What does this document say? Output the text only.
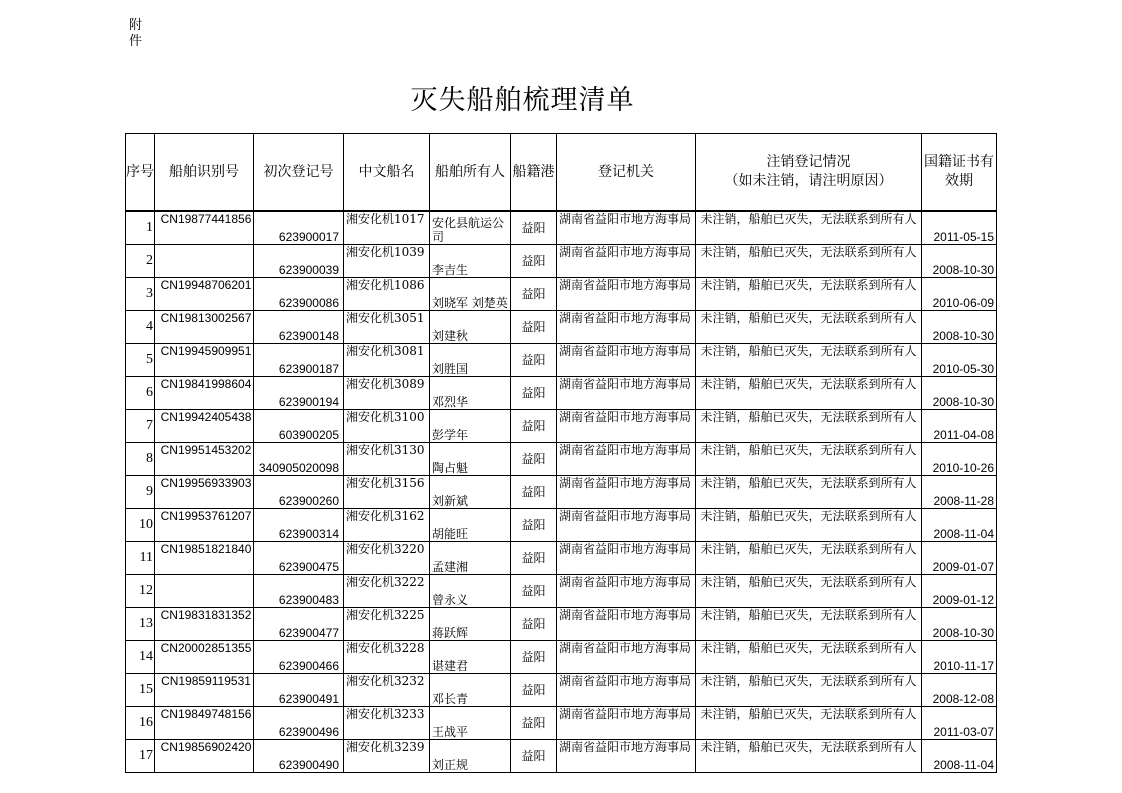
附件
灭失船舶梳理清单
序号	船舶识别号	初次登记号	中文船名	船舶所有人	船籍港	登记机关	注销登记情况
（如未注销，请注明原因）	国籍证书有效期

1	CN19877441856	623900017	湘安化机1017	安化县航运公司	益阳	湖南省益阳市地方海事局	未注销，船舶已灭失，无法联系到所有人	2011-05-15
2		623900039	湘安化机1039	李吉生	益阳	湖南省益阳市地方海事局	未注销，船舶已灭失，无法联系到所有人	2008-10-30
3	CN19948706201	623900086	湘安化机1086	刘晓军 刘楚英	益阳	湖南省益阳市地方海事局	未注销，船舶已灭失，无法联系到所有人	2010-06-09
4	CN19813002567	623900148	湘安化机3051	刘建秋	益阳	湖南省益阳市地方海事局	未注销，船舶已灭失，无法联系到所有人	2008-10-30
5	CN19945909951	623900187	湘安化机3081	刘胜国	益阳	湖南省益阳市地方海事局	未注销，船舶已灭失，无法联系到所有人	2010-05-30
6	CN19841998604	623900194	湘安化机3089	邓烈华	益阳	湖南省益阳市地方海事局	未注销，船舶已灭失，无法联系到所有人	2008-10-30
7	CN19942405438	603900205	湘安化机3100	彭学年	益阳	湖南省益阳市地方海事局	未注销，船舶已灭失，无法联系到所有人	2011-04-08
8	CN19951453202	340905020098	湘安化机3130	陶占魁	益阳	湖南省益阳市地方海事局	未注销，船舶已灭失，无法联系到所有人	2010-10-26
9	CN19956933903	623900260	湘安化机3156	刘新斌	益阳	湖南省益阳市地方海事局	未注销，船舶已灭失，无法联系到所有人	2008-11-28
10	CN19953761207	623900314	湘安化机3162	胡能旺	益阳	湖南省益阳市地方海事局	未注销，船舶已灭失，无法联系到所有人	2008-11-04
11	CN19851821840	623900475	湘安化机3220	孟建湘	益阳	湖南省益阳市地方海事局	未注销，船舶已灭失，无法联系到所有人	2009-01-07
12		623900483	湘安化机3222	曾永义	益阳	湖南省益阳市地方海事局	未注销，船舶已灭失，无法联系到所有人	2009-01-12
13	CN19831831352	623900477	湘安化机3225	蒋跃辉	益阳	湖南省益阳市地方海事局	未注销，船舶已灭失，无法联系到所有人	2008-10-30
14	CN20002851355	623900466	湘安化机3228	谌建君	益阳	湖南省益阳市地方海事局	未注销，船舶已灭失，无法联系到所有人	2010-11-17
15	CN19859119531	623900491	湘安化机3232	邓长青	益阳	湖南省益阳市地方海事局	未注销，船舶已灭失，无法联系到所有人	2008-12-08
16	CN19849748156	623900496	湘安化机3233	王战平	益阳	湖南省益阳市地方海事局	未注销，船舶已灭失，无法联系到所有人	2011-03-07
17	CN19856902420	623900490	湘安化机3239	刘正规	益阳	湖南省益阳市地方海事局	未注销，船舶已灭失，无法联系到所有人	2008-11-04
